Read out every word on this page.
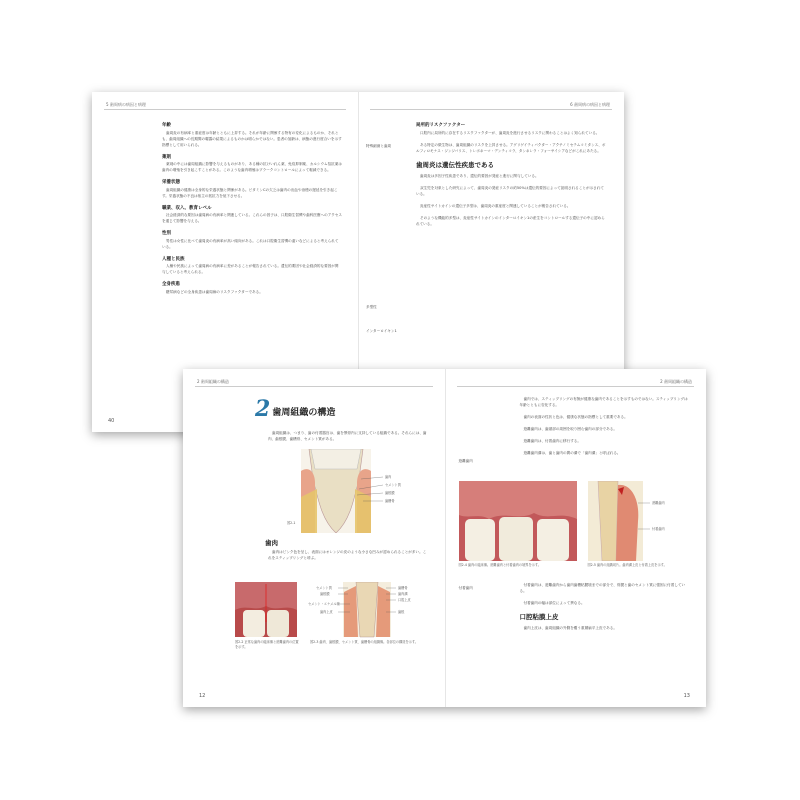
5 歯周病の病因と病理
年齢
歯周炎の有病率と重症度は年齢とともに上昇する。それが年齢に関係する特有の変化によるものか、それとも、歯周組織への長期間の曝露の結果によるものかは明らかではない。患者の加齢は、病態の進行度合いを示す指標として用いられる。
薬剤
薬剤の中には歯周組織に影響を与えるものがあり、ある種の抗けいれん薬、免疫抑制薬、カルシウム拮抗薬は歯肉の増殖を引き起こすことがある。このような歯肉増殖はプラークコントロールによって軽減できる。
栄養状態
歯周組織の健康は全身的な栄養状態と関係がある。ビタミンCの欠乏は歯肉の出血や治癒の遅延を引き起こす。栄養状態の不良は宿主の抵抗力を低下させる。
職業、収入、教育レベル
社会経済的な要因は歯周病の有病率と関連している。これらの因子は、口腔衛生習慣や歯科医療へのアクセスを通じて影響を与える。
性別
男性は女性に比べて歯周炎の有病率が高い傾向がある。これは口腔衛生習慣の違いなどによると考えられている。
人種と民族
人種や民族によって歯周病の有病率に差があることが報告されている。遺伝的要因や社会経済的な要因が関与していると考えられる。
全身疾患
糖尿病などの全身疾患は歯周病のリスクファクターである。
40
6 歯周病の病因と病理
局所的リスクファクター
口腔内に局所的に存在するリスクファクターが、歯周炎を進行させるリスクに関わることはよく知られている。
ある特定の微生物は、歯周組織のリスクを上昇させる。アグリゲイティバクター・アクチノミセテムコミタンス、ポルフィロモナス・ジンジバリス、トレポネーマ・デンティコラ、タンネレラ・フォーサイシアなどがこれにあたる。
歯周炎は遺伝性疾患である
歯周炎は多因子性疾患であり、遺伝的要因が発症と進行に関与している。
双生児を対象とした研究によって、歯周炎の発症リスクの約50%は遺伝的要因によって説明されることが示されている。
炎症性サイトカインの遺伝子多型は、歯周炎の重症度と関連していることが報告されている。
そのような機能的多型は、炎症性サイトカインのインターロイキン1の産生をコントロールする遺伝子の中に認められている。
特殊細菌と歯周
多型性
インターロイキン1
2 歯周組織の構造
2 歯周組織の構造
歯周組織は、つまり、歯の付着器官は、歯を顎骨内に支持している組織である。それらには、歯肉、歯根膜、歯槽骨、セメント質がある。
歯肉
セメント質
歯根膜
歯槽骨
図2-1
歯肉
歯肉はピンク色を呈し、表面にはオレンジの皮のような小さな凹みが認められることが多い。これをスティップリングと呼ぶ。
図2-2 正常な歯肉の臨床像と遊離歯肉の位置を示す。
セメント質
歯根膜
セメント・エナメル境
歯肉上皮
歯槽骨
歯肉溝
口腔上皮
歯根
図2-3 歯肉、歯根膜、セメント質、歯槽骨の組織像。各部位の構造を示す。
12
2 歯周組織の構造
歯肉では、スティップリングの有無が健康な歯肉であることを示すものではない。スティップリングは年齢とともに変化する。
歯肉の表面の性状と色は、健康な状態の指標として重要である。
遊離歯肉は、歯頸部の周囲を取り囲む歯肉の部分である。
遊離歯肉は、付着歯肉に移行する。
遊離歯肉溝は、歯と歯肉の間の溝で「歯肉溝」と呼ばれる。
遊離歯肉
図2-4 歯肉の臨床像。遊離歯肉と付着歯肉の境界を示す。
遊離歯肉
付着歯肉
図2-5 歯肉の組織切片。歯肉溝上皮と付着上皮を示す。
付着歯肉
付着歯肉は、遊離歯肉から歯肉歯槽粘膜境までの部分で、骨膜と歯のセメント質に強固に付着している。
付着歯肉の幅は部位によって異なる。
口腔粘膜上皮
歯肉上皮は、歯周組織の外側を覆う重層扁平上皮である。
13
